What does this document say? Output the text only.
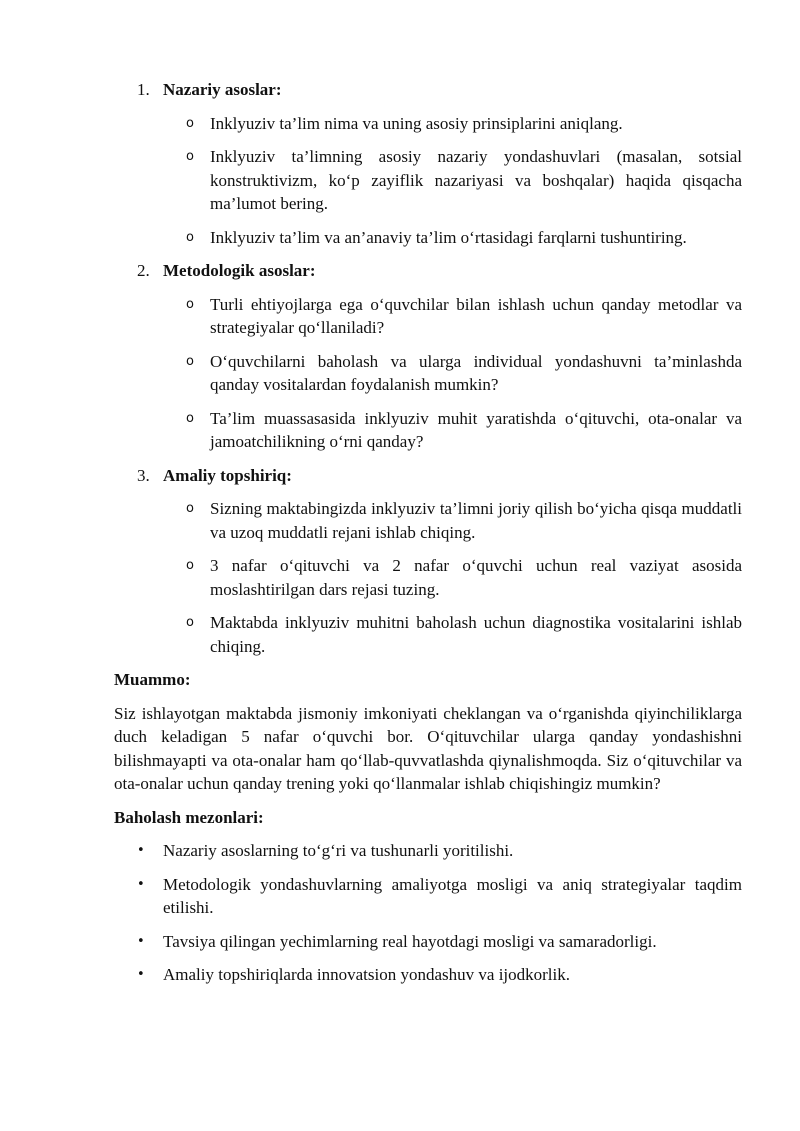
1. Nazariy asoslar:
o Inklyuziv ta’lim nima va uning asosiy prinsiplarini aniqlang.
o Inklyuziv ta’limning asosiy nazariy yondashuvlari (masalan, sotsial konstruktivizm, ko‘p zayiflik nazariyasi va boshqalar) haqida qisqacha ma’lumot bering.
o Inklyuziv ta’lim va an’anaviy ta’lim o‘rtasidagi farqlarni tushuntiring.
2. Metodologik asoslar:
o Turli ehtiyojlarga ega o‘quvchilar bilan ishlash uchun qanday metodlar va strategiyalar qo‘llaniladi?
o O‘quvchilarni baholash va ularga individual yondashuvni ta’minlashda qanday vositalardan foydalanish mumkin?
o Ta’lim muassasasida inklyuziv muhit yaratishda o‘qituvchi, ota-onalar va jamoatchilikning o‘rni qanday?
3. Amaliy topshiriq:
o Sizning maktabingizda inklyuziv ta’limni joriy qilish bo‘yicha qisqa muddatli va uzoq muddatli rejani ishlab chiqing.
o 3 nafar o‘qituvchi va 2 nafar o‘quvchi uchun real vaziyat asosida moslashtirilgan dars rejasi tuzing.
o Maktabda inklyuziv muhitni baholash uchun diagnostika vositalarini ishlab chiqing.
Muammo:

Siz ishlayotgan maktabda jismoniy imkoniyati cheklangan va o‘rganishda qiyinchiliklarga duch keladigan 5 nafar o‘quvchi bor. O‘qituvchilar ularga qanday yondashishni bilishmayapti va ota-onalar ham qo‘llab-quvvatlashda qiynalishmoqda. Siz o‘qituvchilar va ota-onalar uchun qanday trening yoki qo‘llanmalar ishlab chiqishingiz mumkin?

Baholash mezonlari:
•	Nazariy asoslarning to‘g‘ri va tushunarli yoritilishi.
•	Metodologik yondashuvlarning amaliyotga mosligi va aniq strategiyalar taqdim etilishi.
•	Tavsiya qilingan yechimlarning real hayotdagi mosligi va samaradorligi.
•	Amaliy topshiriqlarda innovatsion yondashuv va ijodkorlik.
